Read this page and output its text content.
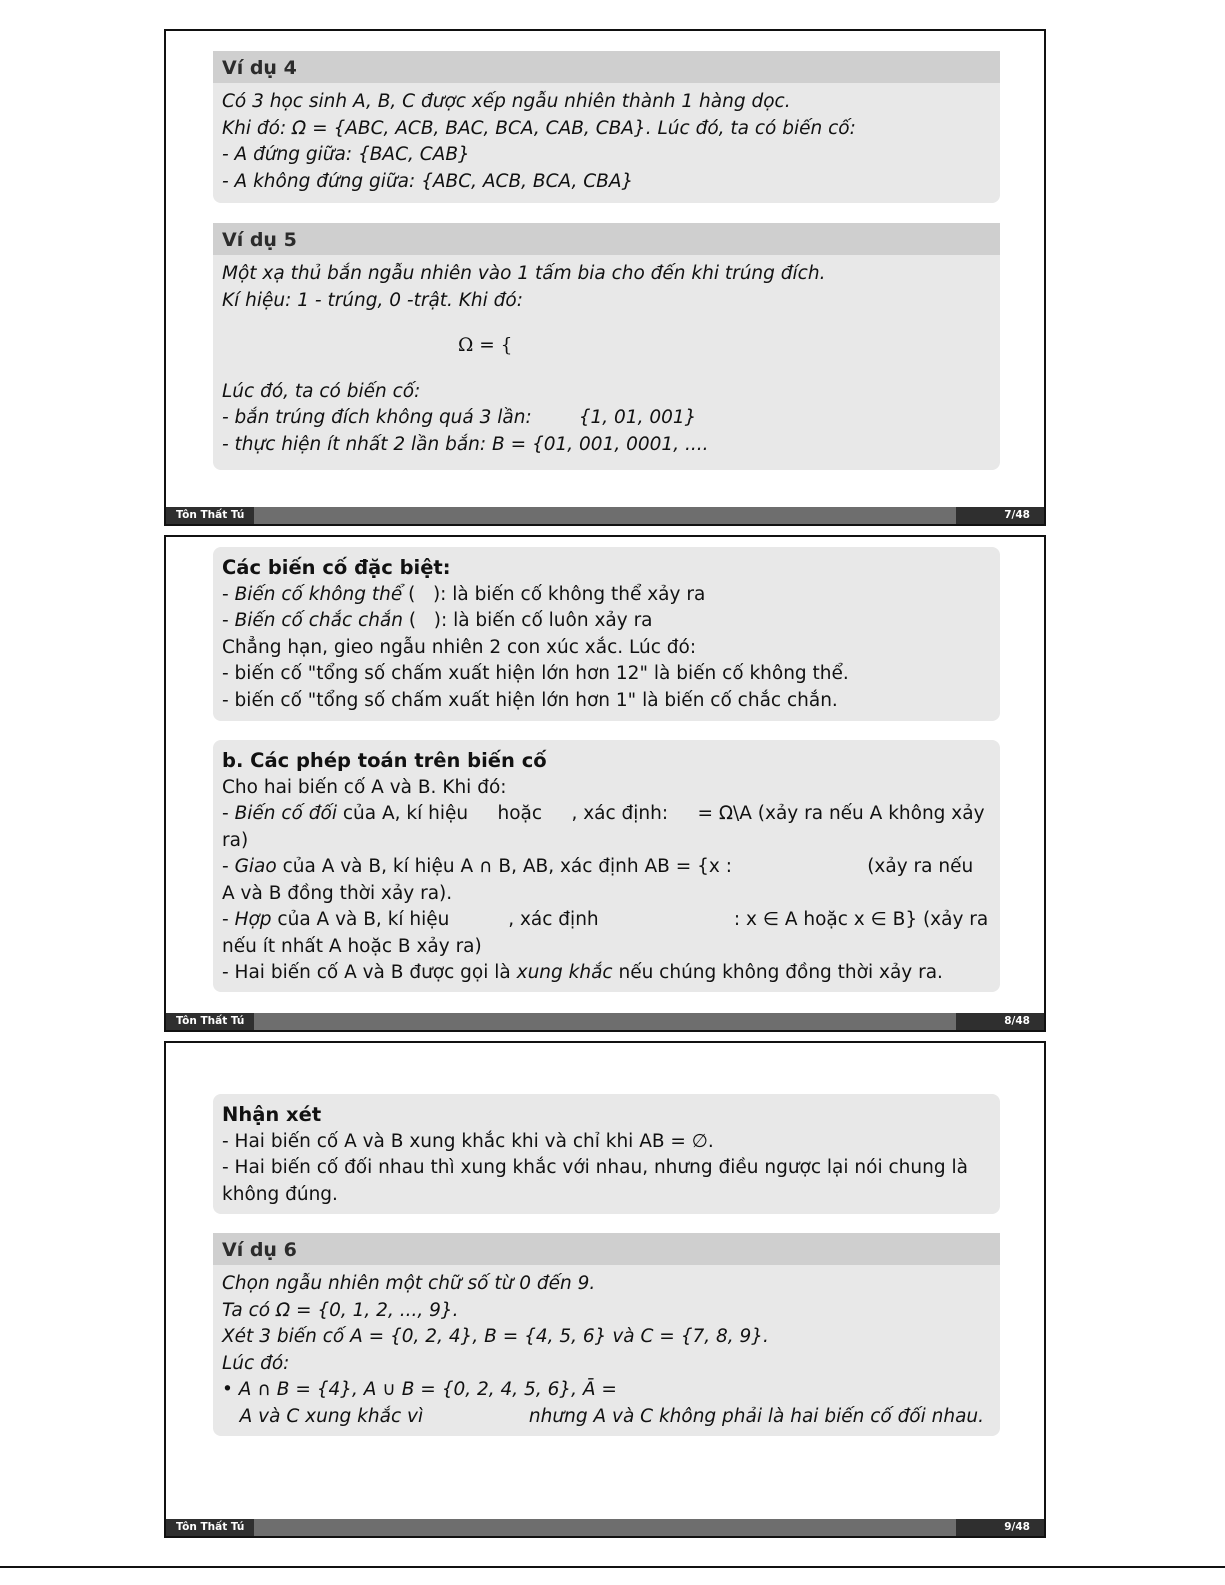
Ví dụ 4
Có 3 học sinh A, B, C được xếp ngẫu nhiên thành 1 hàng dọc.
Khi đó: Ω = {ABC, ACB, BAC, BCA, CAB, CBA}. Lúc đó, ta có biến cố:
- A đứng giữa: {BAC, CAB}
- A không đứng giữa: {ABC, ACB, BCA, CBA}
Ví dụ 5
Một xạ thủ bắn ngẫu nhiên vào 1 tấm bia cho đến khi trúng đích.
Kí hiệu: 1 - trúng, 0 -trật. Khi đó:
Ω = {
Lúc đó, ta có biến cố:
- bắn trúng đích không quá 3 lần:        {1, 01, 001}
- thực hiện ít nhất 2 lần bắn: B = {01, 001, 0001, ....
Tôn Thất Tú	7/48
Các biến cố đặc biệt:
- Biến cố không thể (   ): là biến cố không thể xảy ra
- Biến cố chắc chắn (   ): là biến cố luôn xảy ra
Chẳng hạn, gieo ngẫu nhiên 2 con xúc xắc. Lúc đó:
- biến cố "tổng số chấm xuất hiện lớn hơn 12" là biến cố không thể.
- biến cố "tổng số chấm xuất hiện lớn hơn 1" là biến cố chắc chắn.
b. Các phép toán trên biến cố
Cho hai biến cố A và B. Khi đó:
- Biến cố đối của A, kí hiệu     hoặc     , xác định:     = Ω\A (xảy ra nếu A không xảy ra)
- Giao của A và B, kí hiệu A ∩ B, AB, xác định AB = {x :                       (xảy ra nếu A và B đồng thời xảy ra).
- Hợp của A và B, kí hiệu          , xác định                       : x ∈ A hoặc x ∈ B} (xảy ra nếu ít nhất A hoặc B xảy ra)
- Hai biến cố A và B được gọi là xung khắc nếu chúng không đồng thời xảy ra.
Tôn Thất Tú	8/48
Nhận xét
- Hai biến cố A và B xung khắc khi và chỉ khi AB = ∅.
- Hai biến cố đối nhau thì xung khắc với nhau, nhưng điều ngược lại nói chung là không đúng.
Ví dụ 6
Chọn ngẫu nhiên một chữ số từ 0 đến 9.
Ta có Ω = {0, 1, 2, ..., 9}.
Xét 3 biến cố A = {0, 2, 4}, B = {4, 5, 6} và C = {7, 8, 9}.
Lúc đó:
• A ∩ B = {4}, A ∪ B = {0, 2, 4, 5, 6}, Ā =
A và C xung khắc vì                  nhưng A và C không phải là hai biến cố đối nhau.
Tôn Thất Tú	9/48
